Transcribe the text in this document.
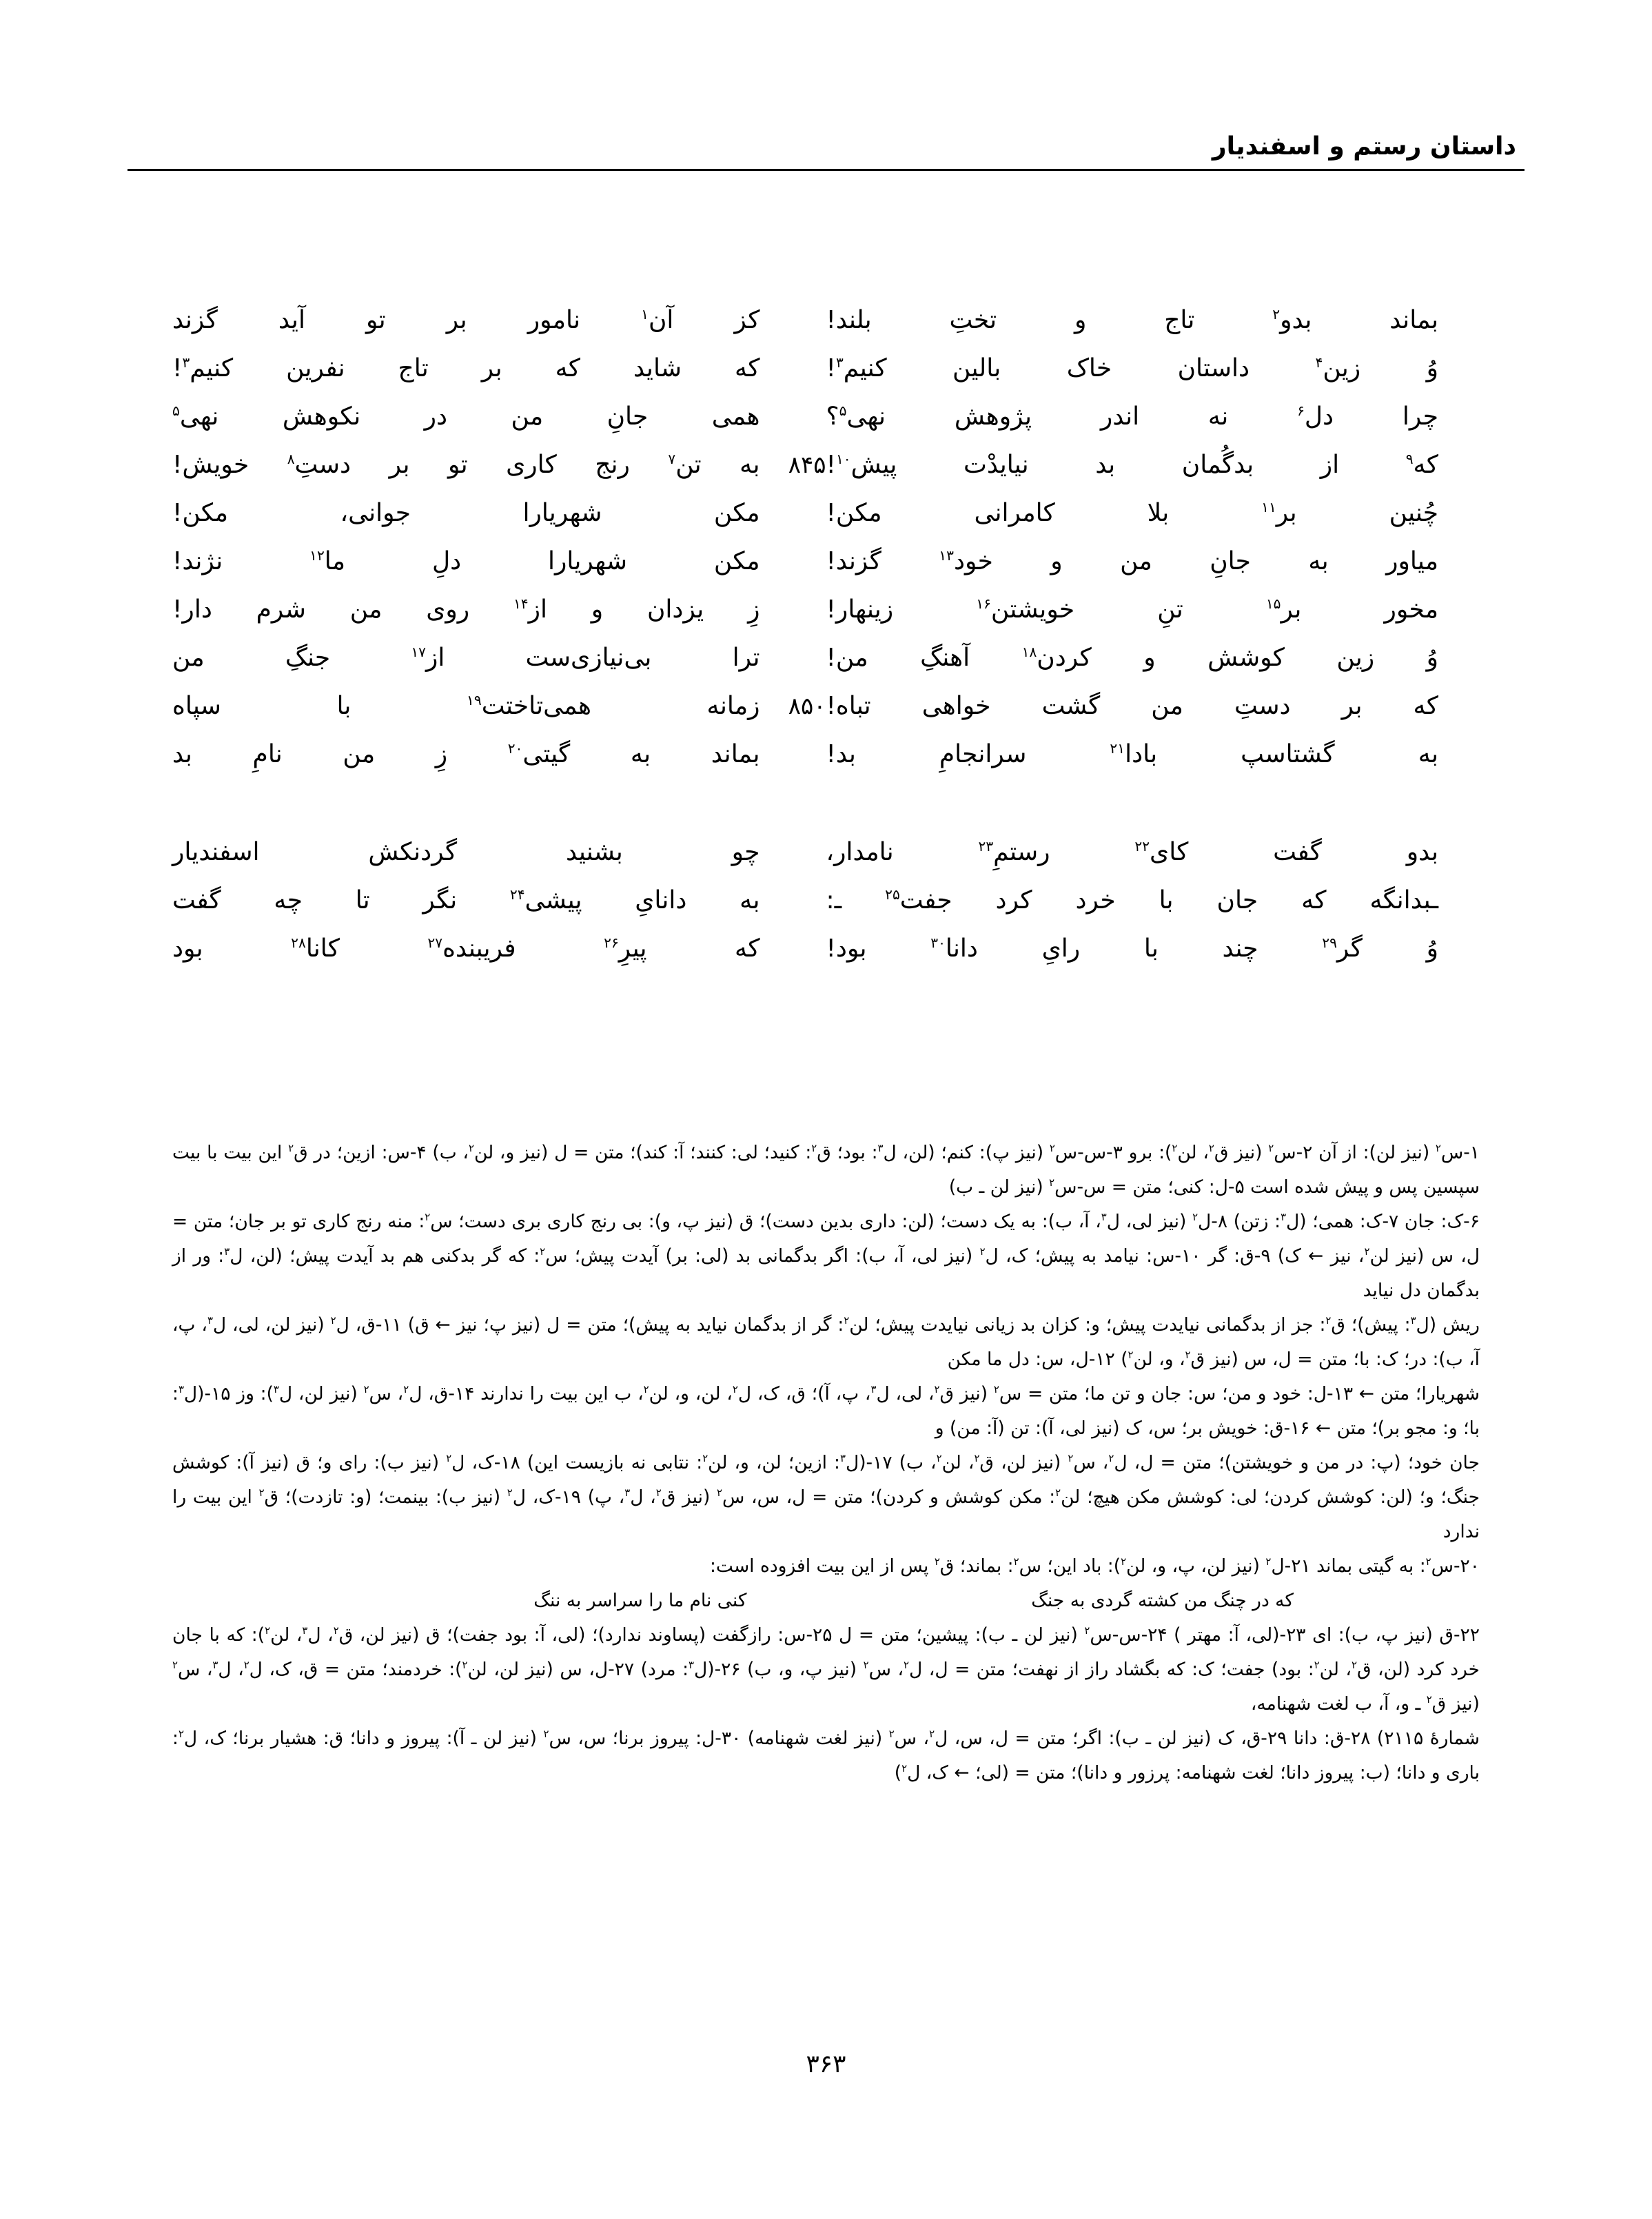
داستان رستم و اسفندیار
بماند بدو$^۲$ تاج و تختِ بلند!
کز آن$^۱$ نامور بر تو آید گزند
وُ زین$^۴$ داستان خاک بالین کنیم$^۳$!
که شاید که بر تاج نفرین کنیم$^۳$!
چرا دل$^۶$ نه اندر پژوهش نهی$^۵$؟
همی جانِ من در نکوهش نهی$^۵$
که$^۹$ از بدگُمان بد نیایدْت پیش$^{۱۰}$!
به تن$^۷$ رنج کاری تو بر دستِ$^۸$ خویش!	۸۴۵
چُنین بر$^{۱۱}$ بلا کامرانی مکن!
مکن شهریارا جوانی، مکن!
میاور به جانِ من و خود$^{۱۳}$ گزند!
مکن شهریارا دلِ ما$^{۱۲}$ نژند!
مخور بر$^{۱۵}$ تنِ خویشتن$^{۱۶}$ زینهار!
زِ یزدان و از$^{۱۴}$ روی من شرم دار!
وُ زین کوشش و کردن$^{۱۸}$ آهنگِ من!
ترا بی‌نیازی‌ست از$^{۱۷}$ جنگِ من
که بر دستِ من گشت خواهی تباه!
زمانه همی‌تاختت$^{۱۹}$ با سپاه	۸۵۰
به گشتاسپ بادا$^{۲۱}$ سرانجامِ بد!
بماند به گیتی$^{۲۰}$ زِ من نامِ بد
بدو گفت کای$^{۲۲}$ رستمِ$^{۲۳}$ نامدار،
چو بشنید گردنکش اسفندیار
ـبدانگه که جان با خرد کرد جفت$^{۲۵}$ ـ:
به دانایِ پیشی$^{۲۴}$ نگر تا چه گفت
وُ گر$^{۲۹}$ چند با رایِ دانا$^{۳۰}$ بود!
که پیرِ$^{۲۶}$ فریبنده$^{۲۷}$ کانا$^{۲۸}$ بود
۱-س$^۲$ (نیز لن): از آن ۲-س$^۲$ (نیز ق$^۲$، لن$^۲$): برو ۳-س-س$^۲$ (نیز پ): کنم؛ (لن، ل$^۳$: بود؛ ق$^۲$: کنید؛ لی: کنند؛ آ: کند)؛ متن = ل (نیز و، لن$^۲$، ب) ۴-س: ازین؛ در ق$^۲$ این بیت با بیت سپسین پس و پیش شده است ۵-ل: کنی؛ متن = س-س$^۲$ (نیز لن ـ ب)
۶-ک: جان ۷-ک: همی؛ (ل$^۳$: زتن) ۸-ل$^۲$ (نیز لی، ل$^۳$، آ، ب): به یک دست؛ (لن: داری بدین دست)؛ ق (نیز پ، و): بی رنج کاری بری دست؛ س$^۲$: منه رنج کاری تو بر جان؛ متن = ل، س (نیز لن$^۲$، نیز ← ک) ۹-ق: گر ۱۰-س: نیامد به پیش؛ ک، ل$^۲$ (نیز لی، آ، ب): اگر بدگمانی بد (لی: بر) آیدت پیش؛ س$^۲$: که گر بدکنی هم بد آیدت پیش؛ (لن، ل$^۳$: ور از بدگمان دل نیاید
ریش (ل$^۳$: پیش)؛ ق$^۲$: جز از بدگمانی نیایدت پیش؛ و: کزان بد زیانی نیایدت پیش؛ لن$^۲$: گر از بدگمان نیاید به پیش)؛ متن = ل (نیز پ؛ نیز ← ق) ۱۱-ق، ل$^۲$ (نیز لن، لی، ل$^۳$، پ، آ، ب): در؛ ک: با؛ متن = ل، س (نیز ق$^۲$، و، لن$^۲$) ۱۲-ل، س: دل ما مکن
شهریارا؛ متن ← ۱۳-ل: خود و من؛ س: جان و تن ما؛ متن = س$^۲$ (نیز ق$^۲$، لی، ل$^۳$، پ، آ)؛ ق، ک، ل$^۲$، لن، و، لن$^۲$، ب این بیت را ندارند ۱۴-ق، ل$^۲$، س$^۲$ (نیز لن، ل$^۳$): وز ۱۵-(ل$^۳$: با؛ و: مجو بر)؛ متن ← ۱۶-ق: خویش بر؛ س، ک (نیز لی، آ): تن (آ: من) و
جان خود؛ (پ: در من و خویشتن)؛ متن = ل، ل$^۲$، س$^۲$ (نیز لن، ق$^۲$، لن$^۲$، ب) ۱۷-(ل$^۳$: ازین؛ لن، و، لن$^۲$: نتابی نه بازیست این) ۱۸-ک، ل$^۲$ (نیز ب): رای و؛ ق (نیز آ): کوشش جنگ؛ و؛ (لن: کوشش کردن؛ لی: کوشش مکن هیچ؛ لن$^۲$: مکن کوشش و کردن)؛ متن = ل، س، س$^۲$ (نیز ق$^۲$، ل$^۳$، پ) ۱۹-ک، ل$^۲$ (نیز ب): بینمت؛ (و: تازدت)؛ ق$^۲$ این بیت را ندارد
۲۰-س$^۲$: به گیتی بماند ۲۱-ل$^۲$ (نیز لن، پ، و، لن$^۲$): باد این؛ س$^۲$: بماند؛ ق$^۲$ پس از این بیت افزوده است:
که در چنگ من کشته گردی به جنگ
کنی نام ما را سراسر به ننگ
۲۲-ق (نیز پ، ب): ای ۲۳-(لی، آ: مهتر ) ۲۴-س-س$^۲$ (نیز لن ـ ب): پیشین؛ متن = ل ۲۵-س: رازگفت (پساوند ندارد)؛ (لی، آ: بود جفت)؛ ق (نیز لن، ق$^۲$، ل$^۳$، لن$^۲$): که با جان خرد کرد (لن، ق$^۲$، لن$^۲$: بود) جفت؛ ک: که بگشاد راز از نهفت؛ متن = ل، ل$^۲$، س$^۲$ (نیز پ، و، ب) ۲۶-(ل$^۳$: مرد) ۲۷-ل، س (نیز لن، لن$^۲$): خردمند؛ متن = ق، ک، ل$^۲$، ل$^۳$، س$^۲$ (نیز ق$^۲$ ـ و، آ، ب لغت شهنامه،
شمارهٔ ۲۱۱۵) ۲۸-ق: دانا ۲۹-ق، ک (نیز لن ـ ب): اگر؛ متن = ل، س، ل$^۲$، س$^۲$ (نیز لغت شهنامه) ۳۰-ل: پیروز برنا؛ س، س$^۲$ (نیز لن ـ آ): پیروز و دانا؛ ق: هشیار برنا؛ ک، ل$^۲$: باری و دانا؛ (ب: پیروز دانا؛ لغت شهنامه: پرزور و دانا)؛ متن = (لی؛ ← ک، ل$^۲$)
۳۶۳
